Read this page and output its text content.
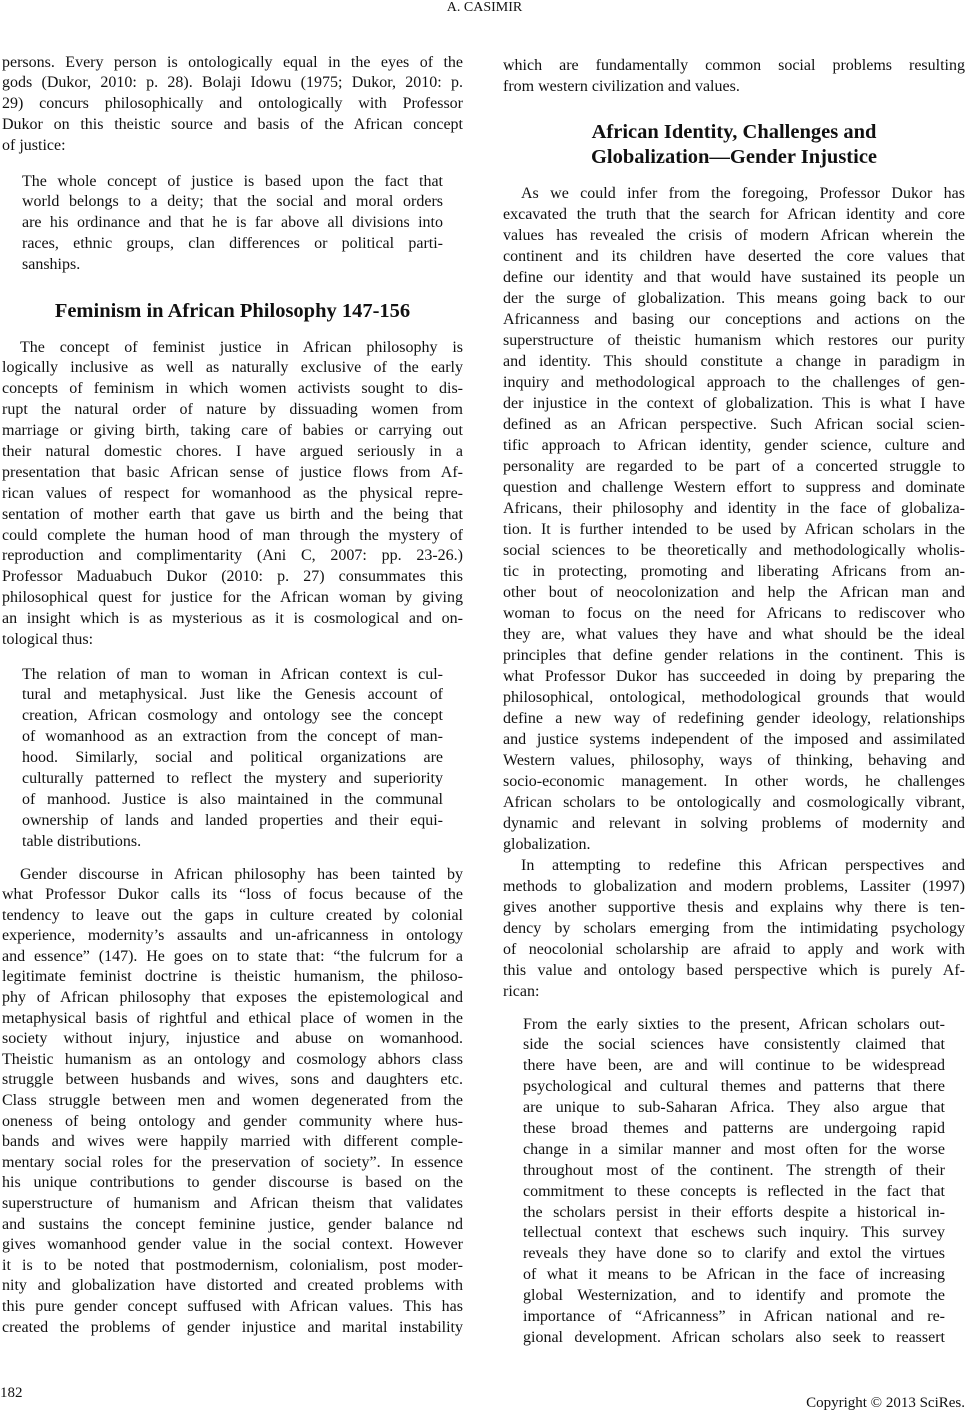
A. CASIMIR
persons. Every person is ontologically equal in the eyes of the
gods (Dukor, 2010: p. 28). Bolaji Idowu (1975; Dukor, 2010: p.
29) concurs philosophically and ontologically with Professor
Dukor on this theistic source and basis of the African concept
of justice:
The whole concept of justice is based upon the fact that
world belongs to a deity; that the social and moral orders
are his ordinance and that he is far above all divisions into
races, ethnic groups, clan differences or political parti-
sanships.
Feminism in African Philosophy 147-156
The concept of feminist justice in African philosophy is
logically inclusive as well as naturally exclusive of the early
concepts of feminism in which women activists sought to dis-
rupt the natural order of nature by dissuading women from
marriage or giving birth, taking care of babies or carrying out
their natural domestic chores. I have argued seriously in a
presentation that basic African sense of justice flows from Af-
rican values of respect for womanhood as the physical repre-
sentation of mother earth that gave us birth and the being that
could complete the human hood of man through the mystery of
reproduction and complimentarity (Ani C, 2007: pp. 23-26.)
Professor Maduabuch Dukor (2010: p. 27) consummates this
philosophical quest for justice for the African woman by giving
an insight which is as mysterious as it is cosmological and on-
tological thus:
The relation of man to woman in African context is cul-
tural and metaphysical. Just like the Genesis account of
creation, African cosmology and ontology see the concept
of womanhood as an extraction from the concept of man-
hood. Similarly, social and political organizations are
culturally patterned to reflect the mystery and superiority
of manhood. Justice is also maintained in the communal
ownership of lands and landed properties and their equi-
table distributions.
Gender discourse in African philosophy has been tainted by
what Professor Dukor calls its “loss of focus because of the
tendency to leave out the gaps in culture created by colonial
experience, modernity’s assaults and un-africanness in ontology
and essence” (147). He goes on to state that: “the fulcrum for a
legitimate feminist doctrine is theistic humanism, the philoso-
phy of African philosophy that exposes the epistemological and
metaphysical basis of rightful and ethical place of women in the
society without injury, injustice and abuse on womanhood.
Theistic humanism as an ontology and cosmology abhors class
struggle between husbands and wives, sons and daughters etc.
Class struggle between men and women degenerated from the
oneness of being ontology and gender community where hus-
bands and wives were happily married with different comple-
mentary social roles for the preservation of society”. In essence
his unique contributions to gender discourse is based on the
superstructure of humanism and African theism that validates
and sustains the concept feminine justice, gender balance nd
gives womanhood gender value in the social context. However
it is to be noted that postmodernism, colonialism, post moder-
nity and globalization have distorted and created problems with
this pure gender concept suffused with African values. This has
created the problems of gender injustice and marital instability
which are fundamentally common social problems resulting
from western civilization and values.
African Identity, Challenges and
Globalization—Gender Injustice
As we could infer from the foregoing, Professor Dukor has
excavated the truth that the search for African identity and core
values has revealed the crisis of modern African wherein the
continent and its children have deserted the core values that
define our identity and that would have sustained its people un
der the surge of globalization. This means going back to our
Africanness and basing our conceptions and actions on the
superstructure of theistic humanism which restores our purity
and identity. This should constitute a change in paradigm in
inquiry and methodological approach to the challenges of gen-
der injustice in the context of globalization. This is what I have
defined as an African perspective. Such African social scien-
tific approach to African identity, gender science, culture and
personality are regarded to be part of a concerted struggle to
question and challenge Western effort to suppress and dominate
Africans, their philosophy and identity in the face of globaliza-
tion. It is further intended to be used by African scholars in the
social sciences to be theoretically and methodologically wholis-
tic in protecting, promoting and liberating Africans from an-
other bout of neocolonization and help the African man and
woman to focus on the need for Africans to rediscover who
they are, what values they have and what should be the ideal
principles that define gender relations in the continent. This is
what Professor Dukor has succeeded in doing by preparing the
philosophical, ontological, methodological grounds that would
define a new way of redefining gender ideology, relationships
and justice systems independent of the imposed and assimilated
Western values, philosophy, ways of thinking, behaving and
socio-economic management. In other words, he challenges
African scholars to be ontologically and cosmologically vibrant,
dynamic and relevant in solving problems of modernity and
globalization.
In attempting to redefine this African perspectives and
methods to globalization and modern problems, Lassiter (1997)
gives another supportive thesis and explains why there is ten-
dency by scholars emerging from the intimidating psychology
of neocolonial scholarship are afraid to apply and work with
this value and ontology based perspective which is purely Af-
rican:
From the early sixties to the present, African scholars out-
side the social sciences have consistently claimed that
there have been, are and will continue to be widespread
psychological and cultural themes and patterns that there
are unique to sub-Saharan Africa. They also argue that
these broad themes and patterns are undergoing rapid
change in a similar manner and most often for the worse
throughout most of the continent. The strength of their
commitment to these concepts is reflected in the fact that
the scholars persist in their efforts despite a historical in-
tellectual context that eschews such inquiry. This survey
reveals they have done so to clarify and extol the virtues
of what it means to be African in the face of increasing
global Westernization, and to identify and promote the
importance of “Africanness” in African national and re-
gional development. African scholars also seek to reassert
182
Copyright © 2013 SciRes.
